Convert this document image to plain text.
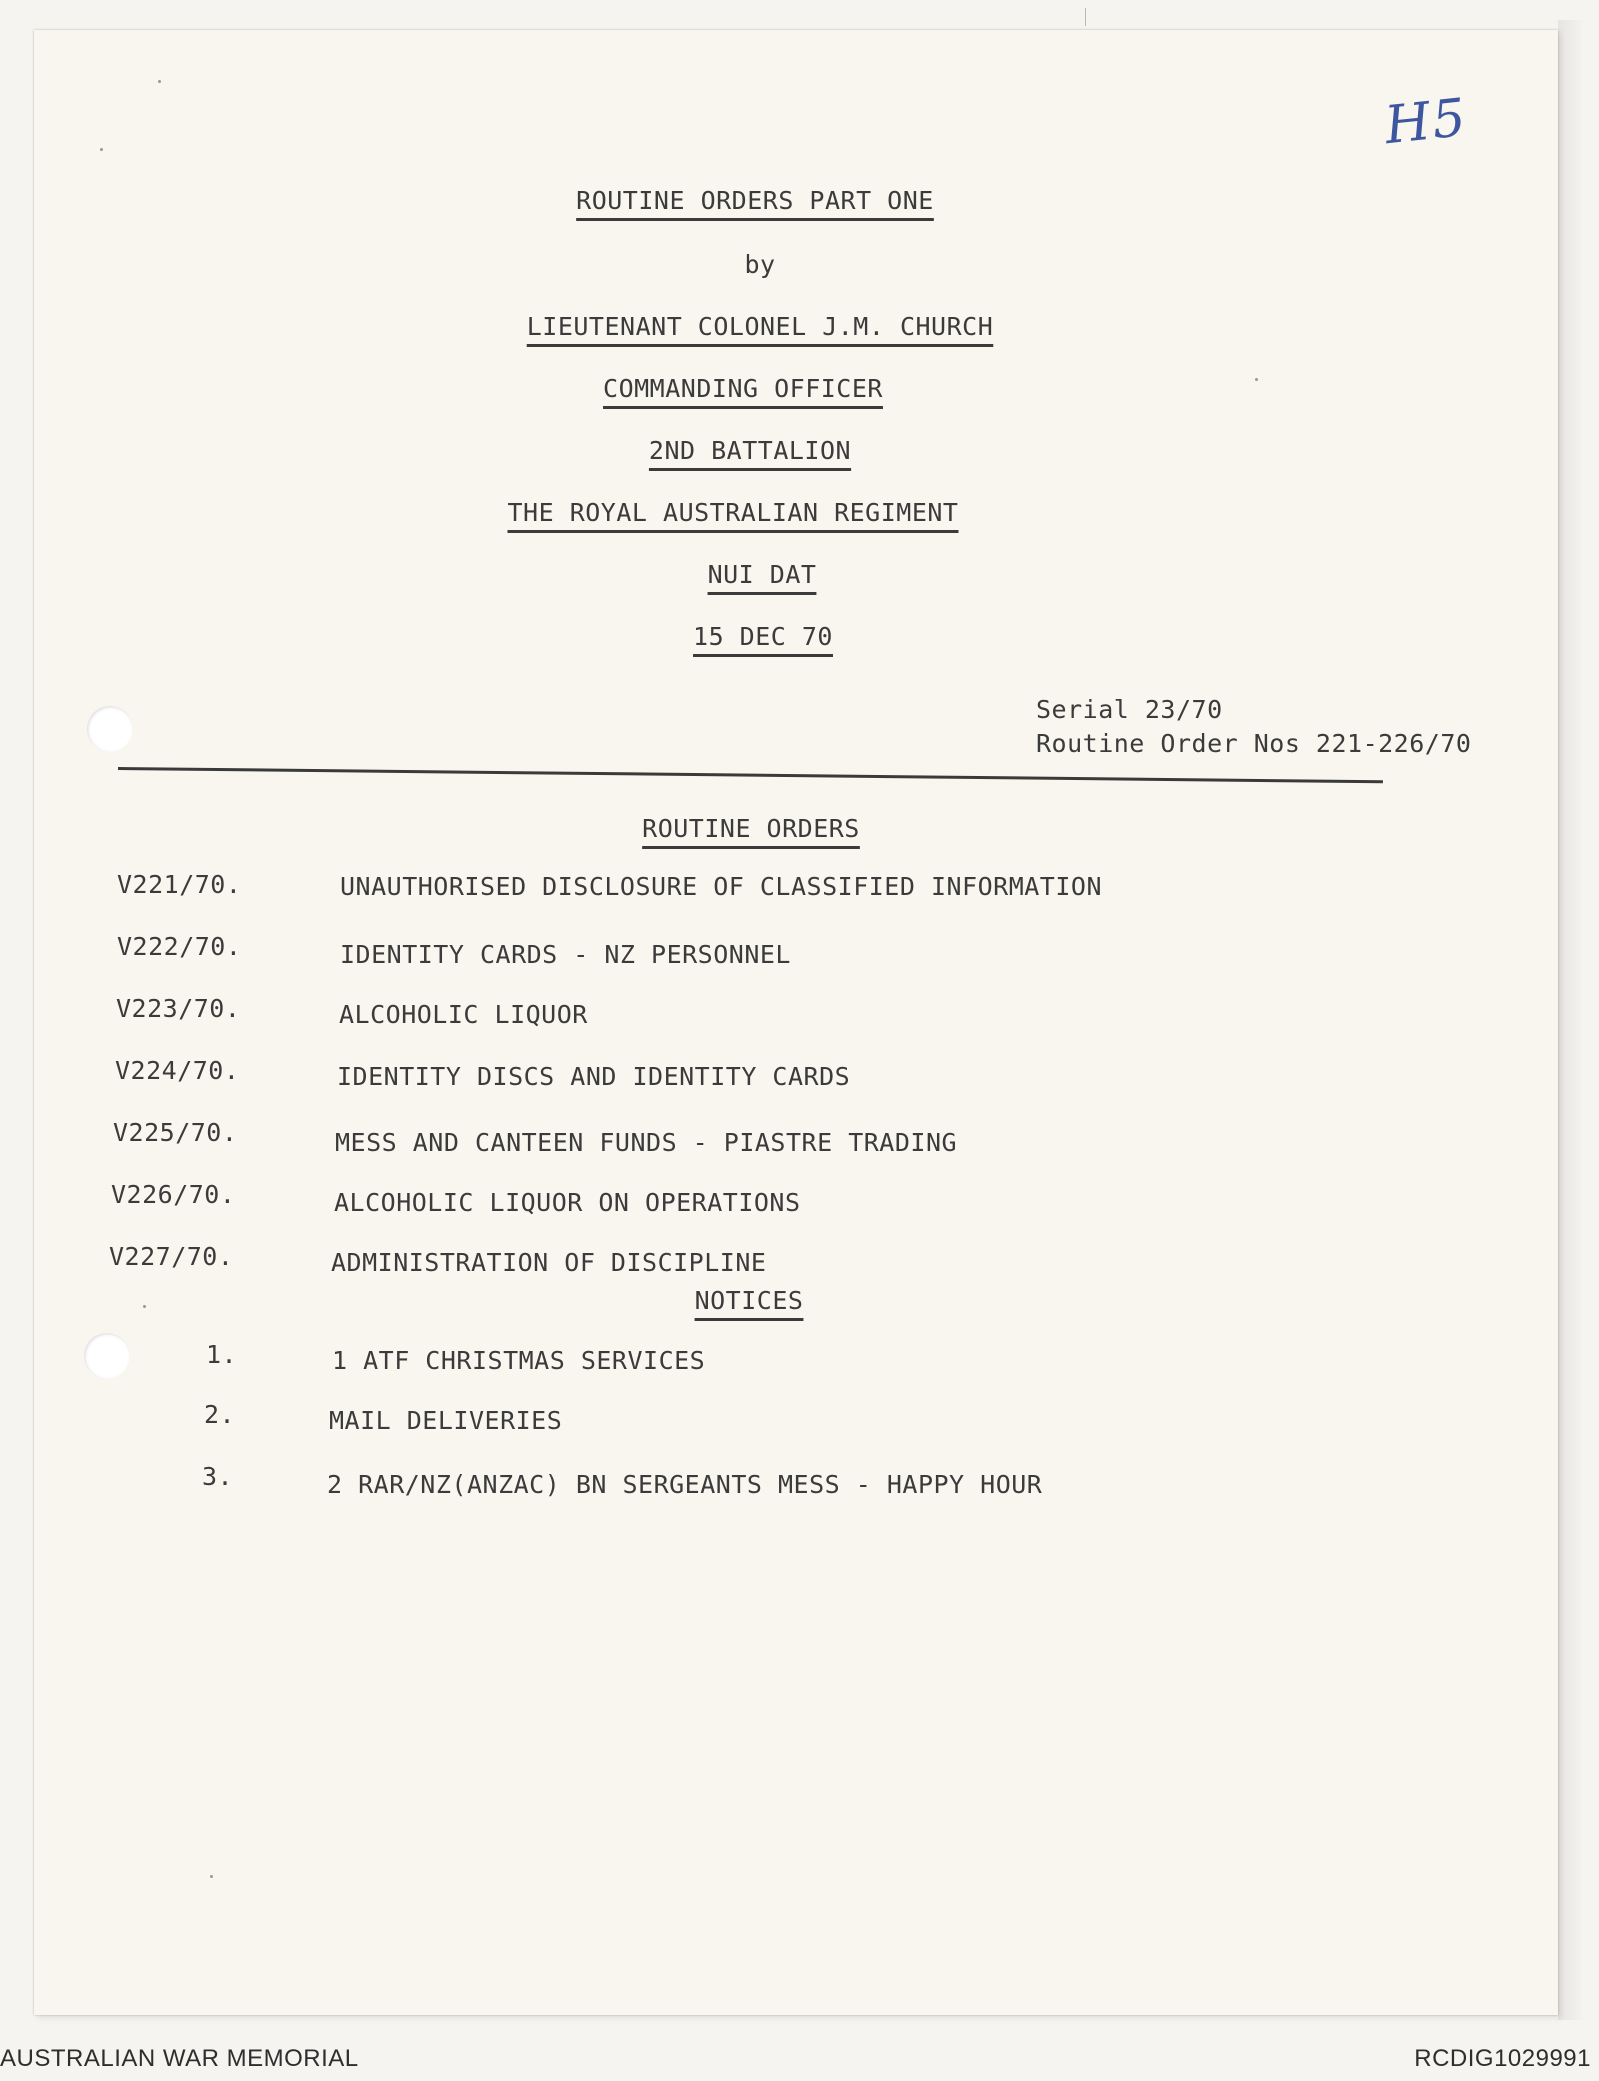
H5
ROUTINE ORDERS PART ONE
by
LIEUTENANT COLONEL J.M. CHURCH
COMMANDING OFFICER
2ND BATTALION
THE ROYAL AUSTRALIAN REGIMENT
NUI DAT
15 DEC 70
Serial 23/70
Routine Order Nos 221-226/70
ROUTINE ORDERS
V221/70.	UNAUTHORISED DISCLOSURE OF CLASSIFIED INFORMATION
V222/70.	IDENTITY CARDS - NZ PERSONNEL
V223/70.	ALCOHOLIC LIQUOR
V224/70.	IDENTITY DISCS AND IDENTITY CARDS
V225/70.	MESS AND CANTEEN FUNDS - PIASTRE TRADING
V226/70.	ALCOHOLIC LIQUOR ON OPERATIONS
V227/70.	ADMINISTRATION OF DISCIPLINE
NOTICES
1.	1 ATF CHRISTMAS SERVICES
2.	MAIL DELIVERIES
3.	2 RAR/NZ(ANZAC) BN SERGEANTS MESS - HAPPY HOUR
AUSTRALIAN WAR MEMORIAL	RCDIG1029991
